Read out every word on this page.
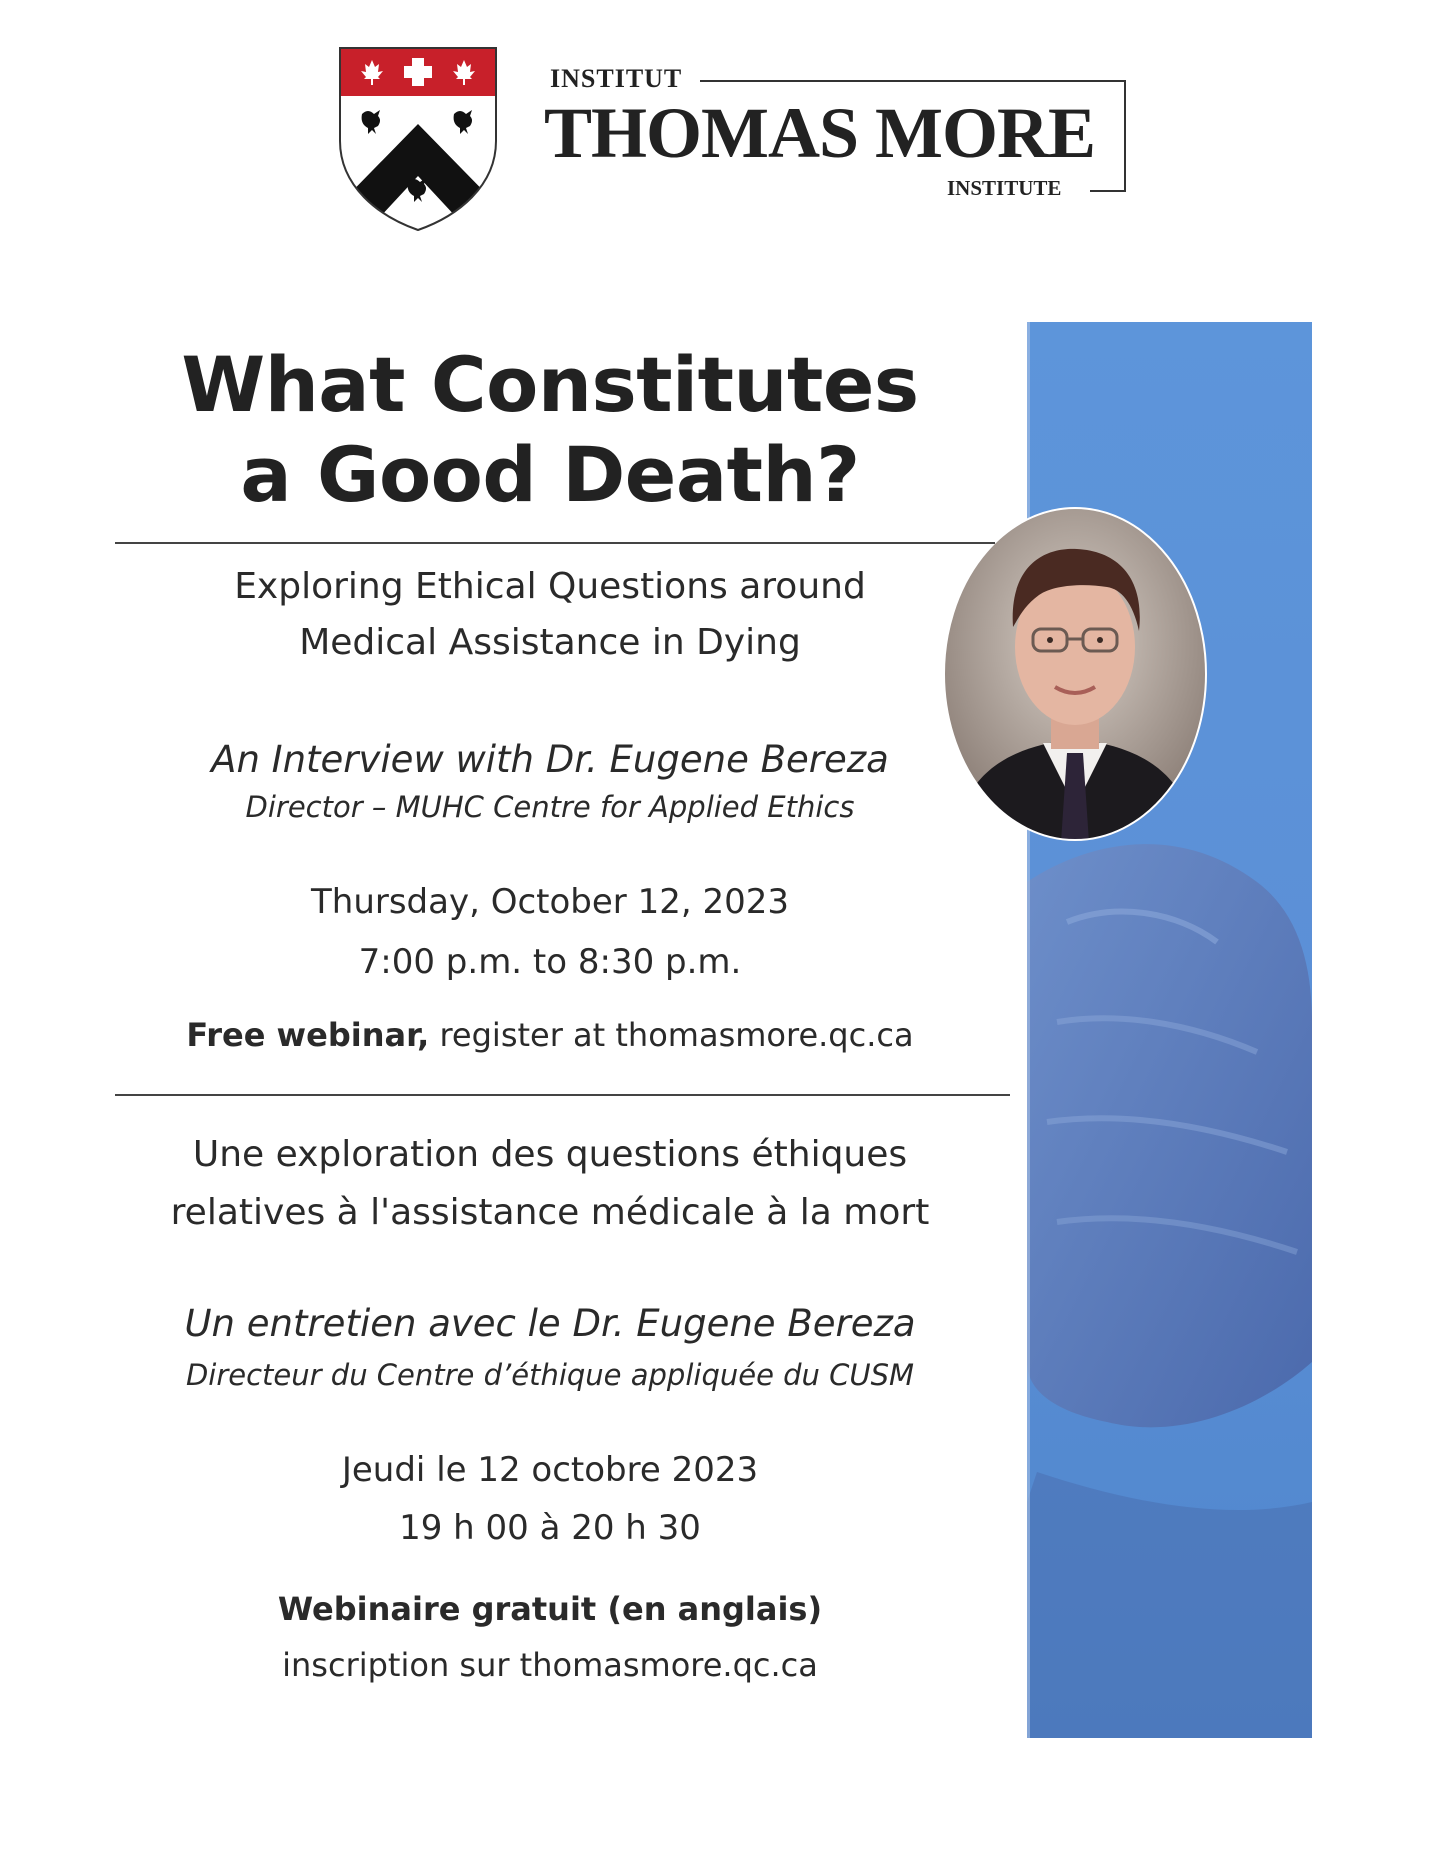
INSTITUT
THOMAS MORE
INSTITUTE
What Constitutes
a Good Death?
Exploring Ethical Questions around
Medical Assistance in Dying
An Interview with Dr. Eugene Bereza
Director – MUHC Centre for Applied Ethics
Thursday, October 12, 2023
7:00 p.m. to 8:30 p.m.
Free webinar, register at thomasmore.qc.ca
Une exploration des questions éthiques
relatives à l'assistance médicale à la mort
Un entretien avec le Dr. Eugene Bereza
Directeur du Centre d’éthique appliquée du CUSM
Jeudi le 12 octobre 2023
19 h 00 à 20 h 30
Webinaire gratuit (en anglais)
inscription sur thomasmore.qc.ca
